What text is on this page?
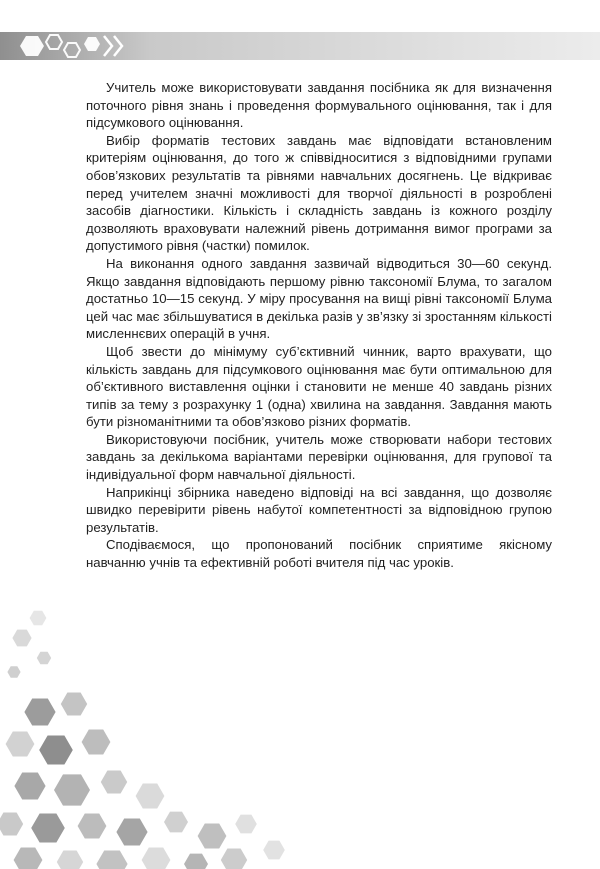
Учитель може використовувати завдання посібника як для визначення поточного рівня знань і проведення формувального оцінювання, так і для підсумкового оцінювання.

Вибір форматів тестових завдань має відповідати встановленим критеріям оцінювання, до того ж співвідноситися з відповідними групами обов’язкових результатів та рівнями навчальних досягнень. Це відкриває перед учителем значні можливості для творчої діяльності в розроблені засобів діагностики. Кількість і складність завдань із кожного розділу дозволяють враховувати належний рівень дотримання вимог програми за допустимого рівня (частки) помилок.

На виконання одного завдання зазвичай відводиться 30—60 секунд. Якщо завдання відповідають першому рівню таксономії Блума, то загалом достатньо 10—15 секунд. У міру просування на вищі рівні таксономії Блума цей час має збільшуватися в декілька разів у зв’язку зі зростанням кількості мисленнєвих операцій в учня.

Щоб звести до мінімуму суб’єктивний чинник, варто врахувати, що кількість завдань для підсумкового оцінювання має бути оптимальною для об’єктивного виставлення оцінки і становити не менше 40 завдань різних типів за тему з розрахунку 1 (одна) хвилина на завдання. Завдання мають бути різноманітними та обов’язково різних форматів.

Використовуючи посібник, учитель може створювати набори тестових завдань за декількома варіантами перевірки оцінювання, для групової та індивідуальної форм навчальної діяльності.

Наприкінці збірника наведено відповіді на всі завдання, що дозволяє швидко перевірити рівень набутої компетентності за відповідною групою результатів.

Сподіваємося, що пропонований посібник сприятиме якісному навчанню учнів та ефективній роботі вчителя під час уроків.
